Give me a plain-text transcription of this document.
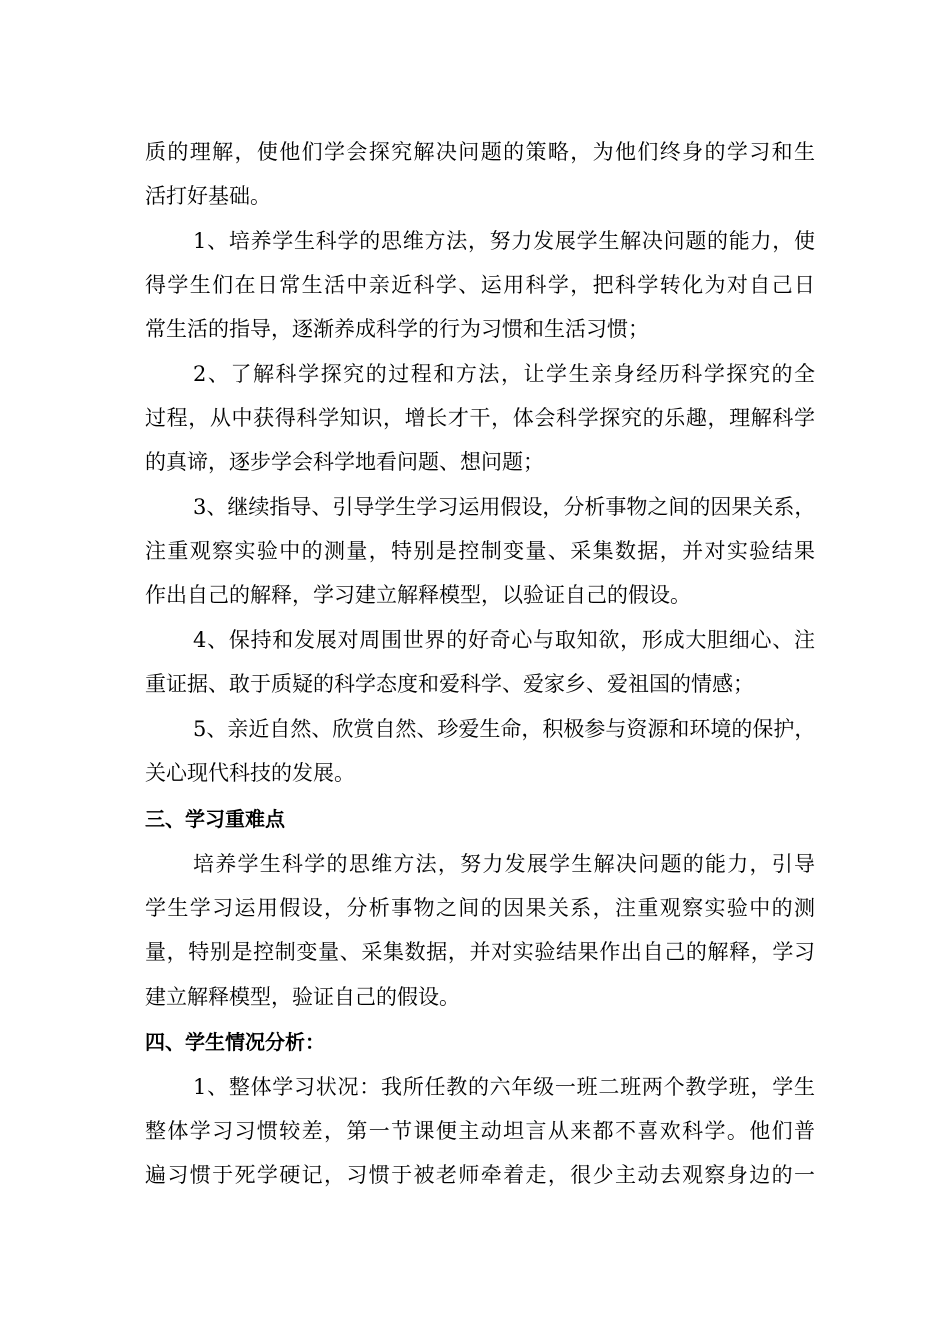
质的理解，使他们学会探究解决问题的策略，为他们终身的学习和生
活打好基础。
1、培养学生科学的思维方法，努力发展学生解决问题的能力，使
得学生们在日常生活中亲近科学、运用科学，把科学转化为对自己日
常生活的指导，逐渐养成科学的行为习惯和生活习惯；
2、了解科学探究的过程和方法，让学生亲身经历科学探究的全
过程，从中获得科学知识，增长才干，体会科学探究的乐趣，理解科学
的真谛，逐步学会科学地看问题、想问题；
3、继续指导、引导学生学习运用假设，分析事物之间的因果关系，
注重观察实验中的测量，特别是控制变量、采集数据，并对实验结果
作出自己的解释，学习建立解释模型，以验证自己的假设。
4、保持和发展对周围世界的好奇心与取知欲，形成大胆细心、注
重证据、敢于质疑的科学态度和爱科学、爱家乡、爱祖国的情感；
5、亲近自然、欣赏自然、珍爱生命，积极参与资源和环境的保护，
关心现代科技的发展。
三、学习重难点
培养学生科学的思维方法，努力发展学生解决问题的能力，引导
学生学习运用假设，分析事物之间的因果关系，注重观察实验中的测
量，特别是控制变量、采集数据，并对实验结果作出自己的解释，学习
建立解释模型，验证自己的假设。
四、学生情况分析：
1、整体学习状况：我所任教的六年级一班二班两个教学班，学生
整体学习习惯较差，第一节课便主动坦言从来都不喜欢科学。他们普
遍习惯于死学硬记，习惯于被老师牵着走，很少主动去观察身边的一
